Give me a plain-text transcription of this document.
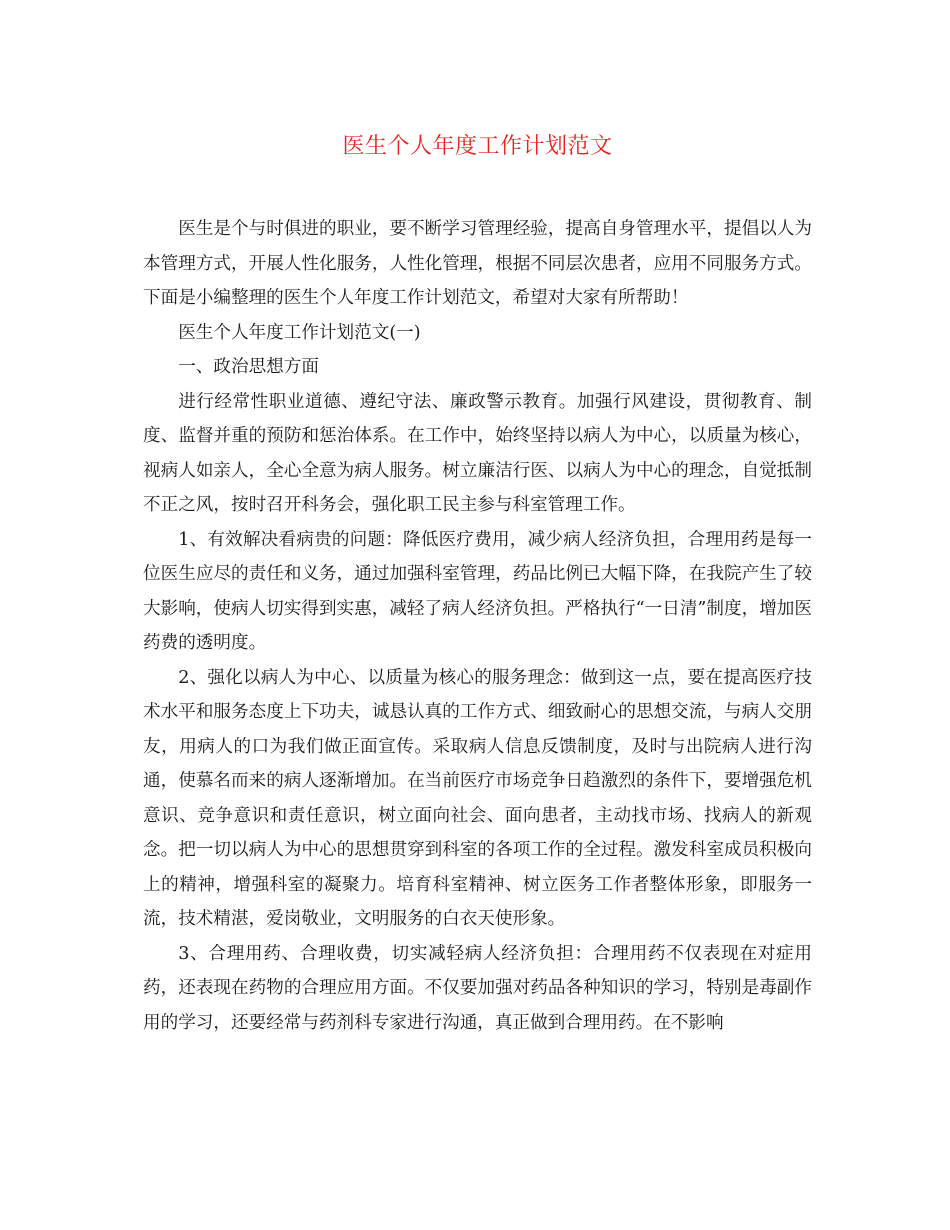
医生个人年度工作计划范文

医生是个与时俱进的职业，要不断学习管理经验，提高自身管理水平，提倡以人为本管理方式，开展人性化服务，人性化管理，根据不同层次患者，应用不同服务方式。下面是小编整理的医生个人年度工作计划范文，希望对大家有所帮助！

医生个人年度工作计划范文(一)

一、政治思想方面

进行经常性职业道德、遵纪守法、廉政警示教育。加强行风建设，贯彻教育、制度、监督并重的预防和惩治体系。在工作中，始终坚持以病人为中心，以质量为核心，视病人如亲人，全心全意为病人服务。树立廉洁行医、以病人为中心的理念，自觉抵制不正之风，按时召开科务会，强化职工民主参与科室管理工作。

1、有效解决看病贵的问题：降低医疗费用，减少病人经济负担，合理用药是每一位医生应尽的责任和义务，通过加强科室管理，药品比例已大幅下降，在我院产生了较大影响，使病人切实得到实惠，减轻了病人经济负担。严格执行“一日清”制度，增加医药费的透明度。

2、强化以病人为中心、以质量为核心的服务理念：做到这一点，要在提高医疗技术水平和服务态度上下功夫，诚恳认真的工作方式、细致耐心的思想交流，与病人交朋友，用病人的口为我们做正面宣传。采取病人信息反馈制度，及时与出院病人进行沟通，使慕名而来的病人逐渐增加。在当前医疗市场竞争日趋激烈的条件下，要增强危机意识、竞争意识和责任意识，树立面向社会、面向患者，主动找市场、找病人的新观念。把一切以病人为中心的思想贯穿到科室的各项工作的全过程。激发科室成员积极向上的精神，增强科室的凝聚力。培育科室精神、树立医务工作者整体形象，即服务一流，技术精湛，爱岗敬业，文明服务的白衣天使形象。

3、合理用药、合理收费，切实减轻病人经济负担：合理用药不仅表现在对症用药，还表现在药物的合理应用方面。不仅要加强对药品各种知识的学习，特别是毒副作用的学习，还要经常与药剂科专家进行沟通，真正做到合理用药。在不影响
